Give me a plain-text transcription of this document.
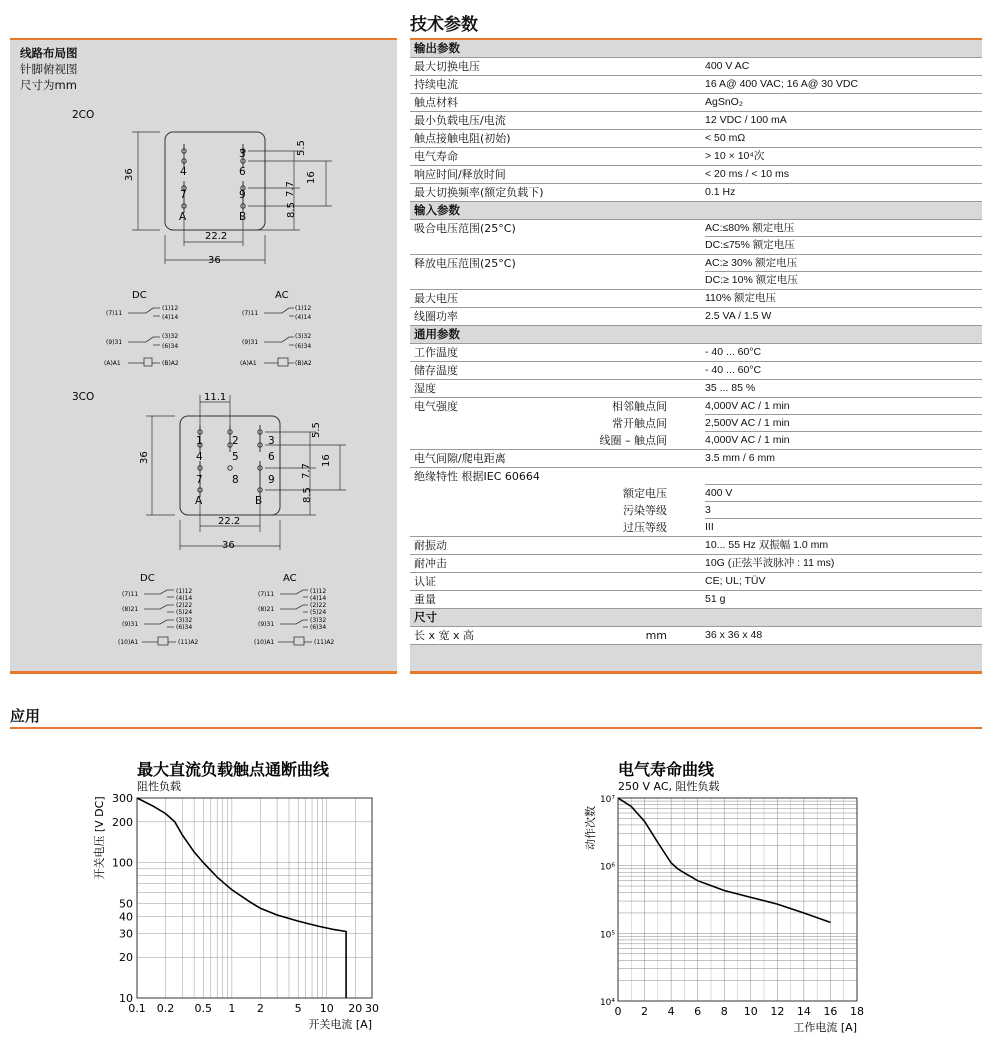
技术参数
线路布局图
针脚俯视图
尺寸为mm
2CO
36
3
4	6
7	9
A	B
5.5
16
7.7
8.5
22.2
36
DC	AC
(7)11
(1)12
(4)14
(9)31
(3)32
(6)34
(A)A1	(B)A2
(7)11
(1)12
(4)14
(9)31
(3)32
(6)34
(A)A1	(B)A2
3CO	11.1
36
1	2	3
4	5	6
7	8	9
A	B
5.5
16
7.7
8.5
22.2
36
DC	AC
(7)11	(1)12
(4)14
(8)21
(2)22
(5)24
(9)31
(3)32
(6)34
(10)A1	(11)A2
(7)11	(1)12
(4)14
(8)21
(2)22
(5)24
(9)31
(3)32
(6)34
(10)A1	(11)A2
输出参数
最大切换电压	400 V AC
持续电流	16 A@ 400 VAC; 16 A@ 30 VDC
触点材料	AgSnO₂
最小负载电压/电流	12 VDC / 100 mA
触点接触电阻(初始)	< 50 mΩ
电气寿命	> 10 × 10⁴次
响应时间/释放时间	< 20 ms / < 10 ms
最大切换频率(额定负载下)	0.1 Hz
输入参数
吸合电压范围(25°C)	AC:≤80% 额定电压
DC:≤75% 额定电压
释放电压范围(25°C)	AC:≥ 30% 额定电压
DC:≥ 10% 额定电压
最大电压	110% 额定电压
线圈功率	2.5 VA / 1.5 W
通用参数
工作温度	- 40 ... 60°C
储存温度	- 40 ... 60°C
湿度	35 ... 85 %
电气强度	相邻触点间	4,000V AC / 1 min
常开触点间	2,500V AC / 1 min
线圈 – 触点间	4,000V AC / 1 min
电气间隙/爬电距离	3.5 mm / 6 mm
绝缘特性 根据IEC 60664
额定电压	400 V
污染等级	3
过压等级	III
耐振动	10... 55 Hz 双振幅 1.0 mm
耐冲击	10G (正弦半波脉冲 : 11 ms)
认证	CE; UL; TÜV
重量	51 g
尺寸
长 x 宽 x 高	mm	36 x 36 x 48
应用
最大直流负载触点通断曲线
阻性负载
0.1 0.2 0.5 1 2	5 10 20 30
10
20
30
40
50
100
200
300
开关电流 [A]
开关电压 [V DC]
电气寿命曲线
250 V AC, 阻性负载
0 2 4 6 8 10 12 14 16 18
10⁴
10⁵
10⁶
10⁷
工作电流 [A]
动作次数
